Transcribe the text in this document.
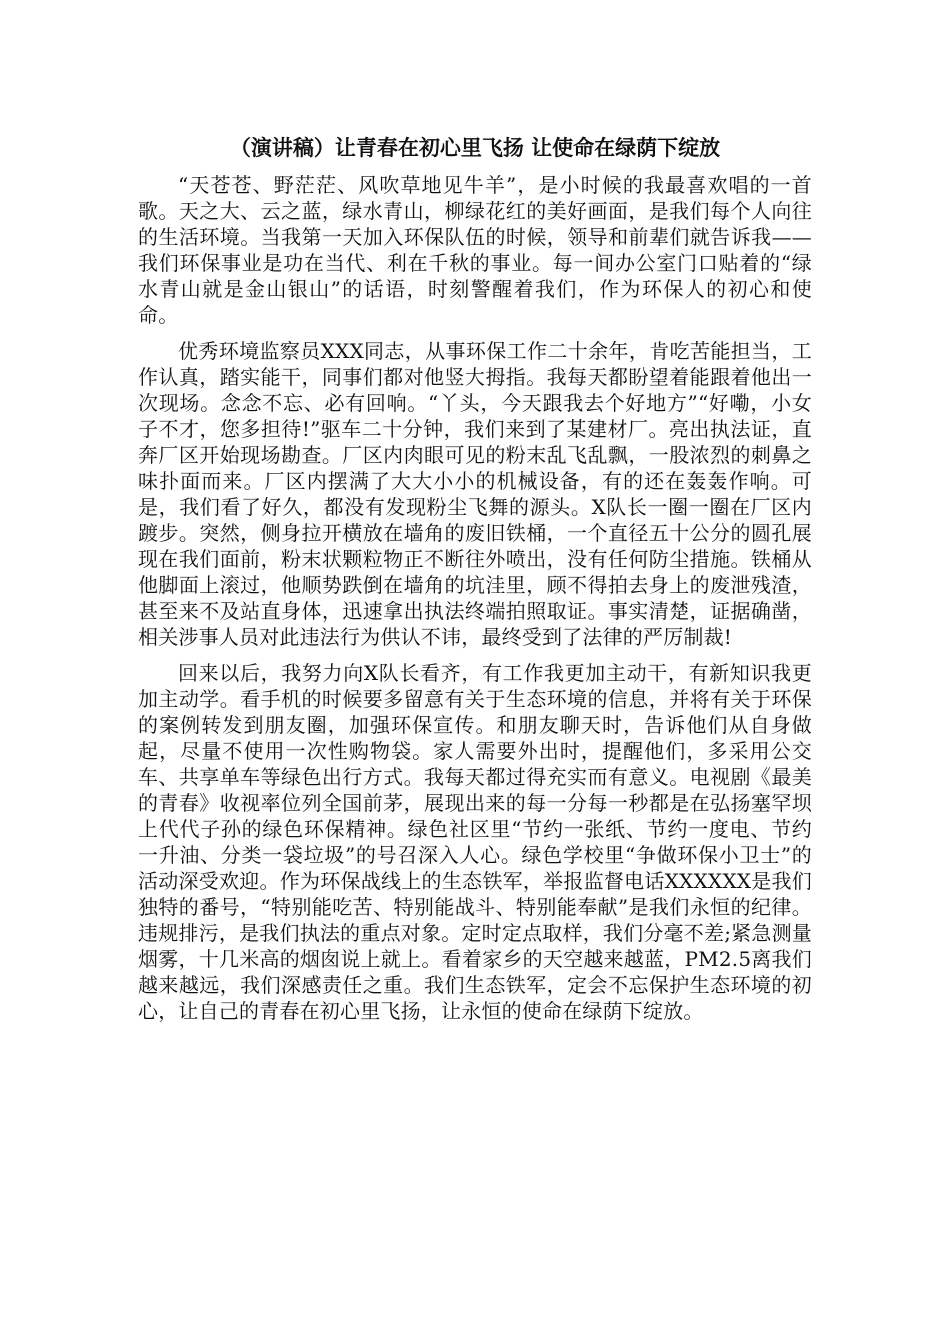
（演讲稿）让青春在初心里飞扬 让使命在绿荫下绽放

“天苍苍、野茫茫、风吹草地见牛羊”，是小时候的我最喜欢唱的一首歌。天之大、云之蓝，绿水青山，柳绿花红的美好画面，是我们每个人向往的生活环境。当我第一天加入环保队伍的时候，领导和前辈们就告诉我——我们环保事业是功在当代、利在千秋的事业。每一间办公室门口贴着的“绿水青山就是金山银山”的话语，时刻警醒着我们，作为环保人的初心和使命。

优秀环境监察员XXX同志，从事环保工作二十余年，肯吃苦能担当，工作认真，踏实能干，同事们都对他竖大拇指。我每天都盼望着能跟着他出一次现场。念念不忘、必有回响。“丫头，今天跟我去个好地方”“好嘞，小女子不才，您多担待!”驱车二十分钟，我们来到了某建材厂。亮出执法证，直奔厂区开始现场勘查。厂区内肉眼可见的粉末乱飞乱飘，一股浓烈的刺鼻之味扑面而来。厂区内摆满了大大小小的机械设备，有的还在轰轰作响。可是，我们看了好久，都没有发现粉尘飞舞的源头。X队长一圈一圈在厂区内踱步。突然，侧身拉开横放在墙角的废旧铁桶，一个直径五十公分的圆孔展现在我们面前，粉末状颗粒物正不断往外喷出，没有任何防尘措施。铁桶从他脚面上滚过，他顺势跌倒在墙角的坑洼里，顾不得拍去身上的废泄残渣，甚至来不及站直身体，迅速拿出执法终端拍照取证。事实清楚，证据确凿，相关涉事人员对此违法行为供认不讳，最终受到了法律的严厉制裁!

回来以后，我努力向X队长看齐，有工作我更加主动干，有新知识我更加主动学。看手机的时候要多留意有关于生态环境的信息，并将有关于环保的案例转发到朋友圈，加强环保宣传。和朋友聊天时，告诉他们从自身做起，尽量不使用一次性购物袋。家人需要外出时，提醒他们，多采用公交车、共享单车等绿色出行方式。我每天都过得充实而有意义。电视剧《最美的青春》收视率位列全国前茅，展现出来的每一分每一秒都是在弘扬塞罕坝上代代子孙的绿色环保精神。绿色社区里“节约一张纸、节约一度电、节约一升油、分类一袋垃圾”的号召深入人心。绿色学校里“争做环保小卫士”的活动深受欢迎。作为环保战线上的生态铁军，举报监督电话XXXXXX是我们独特的番号，“特别能吃苦、特别能战斗、特别能奉献”是我们永恒的纪律。违规排污，是我们执法的重点对象。定时定点取样，我们分毫不差;紧急测量烟雾，十几米高的烟囱说上就上。看着家乡的天空越来越蓝，PM2.5离我们越来越远，我们深感责任之重。我们生态铁军，定会不忘保护生态环境的初心，让自己的青春在初心里飞扬，让永恒的使命在绿荫下绽放。
